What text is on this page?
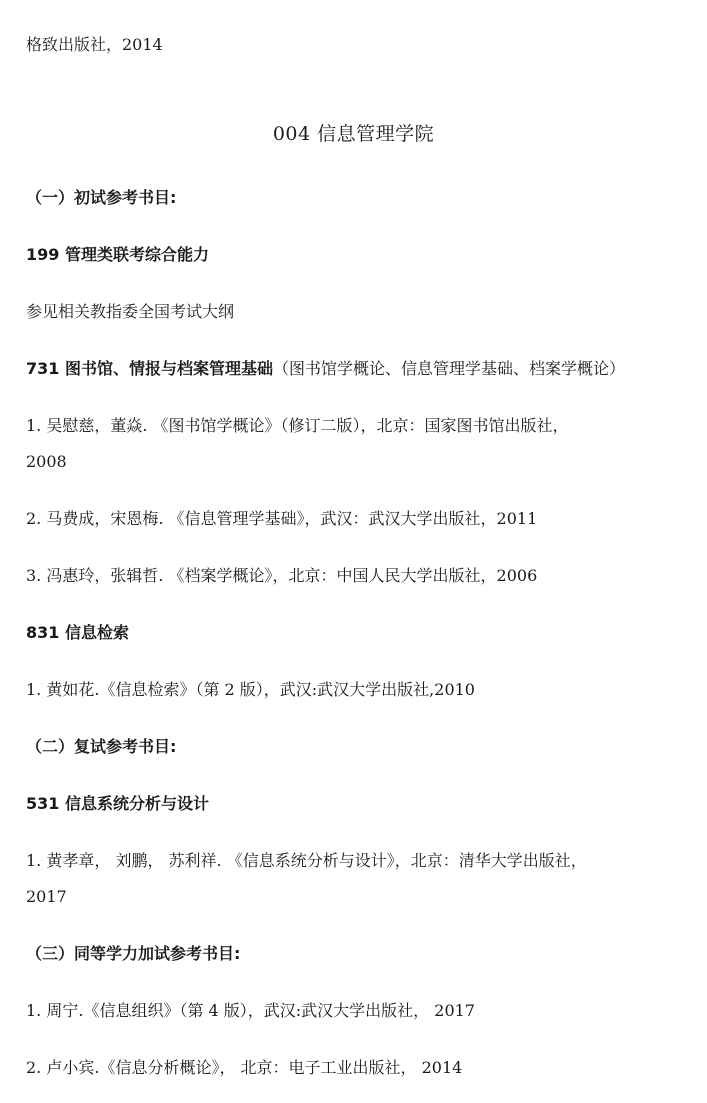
格致出版社，2014
004 信息管理学院
（一）初试参考书目:
199 管理类联考综合能力
参见相关教指委全国考试大纲
731 图书馆、情报与档案管理基础（图书馆学概论、信息管理学基础、档案学概论）
1. 吴慰慈，董焱. 《图书馆学概论》（修订二版），北京：国家图书馆出版社，
2008
2. 马费成，宋恩梅. 《信息管理学基础》，武汉：武汉大学出版社，2011
3. 冯惠玲，张辑哲. 《档案学概论》，北京：中国人民大学出版社，2006
831 信息检索
1. 黄如花.《信息检索》（第 2 版），武汉:武汉大学出版社,2010
（二）复试参考书目:
531 信息系统分析与设计
1. 黄孝章， 刘鹏， 苏利祥. 《信息系统分析与设计》，北京：清华大学出版社，
2017
（三）同等学力加试参考书目:
1. 周宁.《信息组织》（第 4 版），武汉:武汉大学出版社， 2017
2. 卢小宾.《信息分析概论》， 北京：电子工业出版社， 2014
